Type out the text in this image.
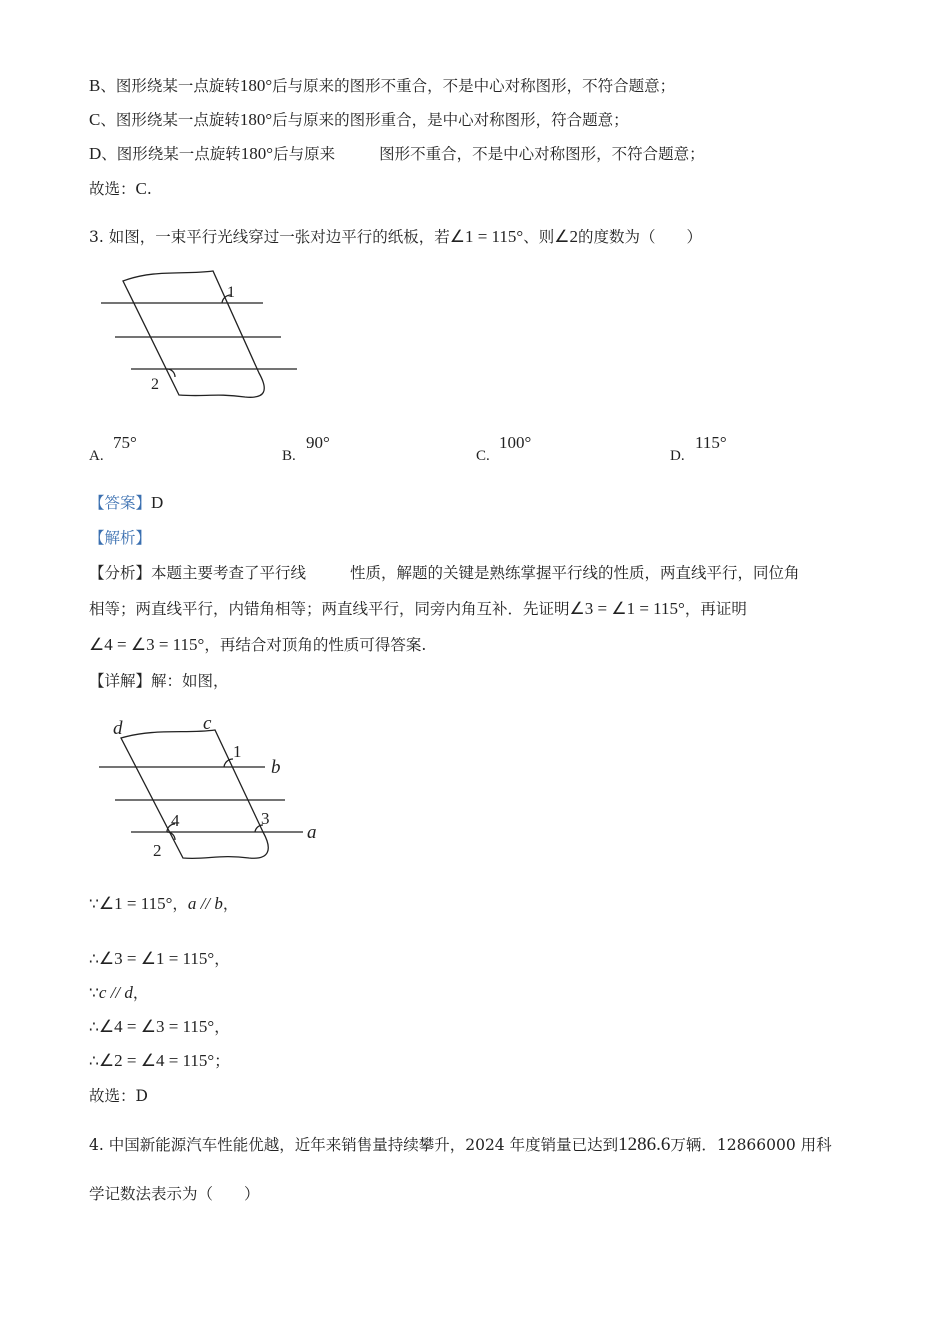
B、图形绕某一点旋转180°后与原来的图形不重合，不是中心对称图形，不符合题意；
C、图形绕某一点旋转180°后与原来的图形重合，是中心对称图形，符合题意；
D、图形绕某一点旋转180°后与原来	图形不重合，不是中心对称图形，不符合题意；
故选：C.
3. 如图，一束平行光线穿过一张对边平行的纸板，若∠1 = 115°、则∠2的度数为（　　）
1
2
A.
75°
B.
90°
C.
100°
D.
115°
【答案】D
【解析】
【分析】本题主要考查了平行线	性质，解题的关键是熟练掌握平行线的性质，两直线平行，同位角
相等；两直线平行，内错角相等；两直线平行，同旁内角互补．先证明∠3 = ∠1 = 115°，再证明
∠4 = ∠3 = 115°，再结合对顶角的性质可得答案.
【详解】解：如图，
d	c
1
b
4	3
a
2
∵∠1 = 115°，a // b，
∴∠3 = ∠1 = 115°，
∵c // d，
∴∠4 = ∠3 = 115°，
∴∠2 = ∠4 = 115°；
故选：D
4. 中国新能源汽车性能优越，近年来销售量持续攀升，2024 年度销量已达到1286.6万辆．12866000 用科
学记数法表示为（　　）
